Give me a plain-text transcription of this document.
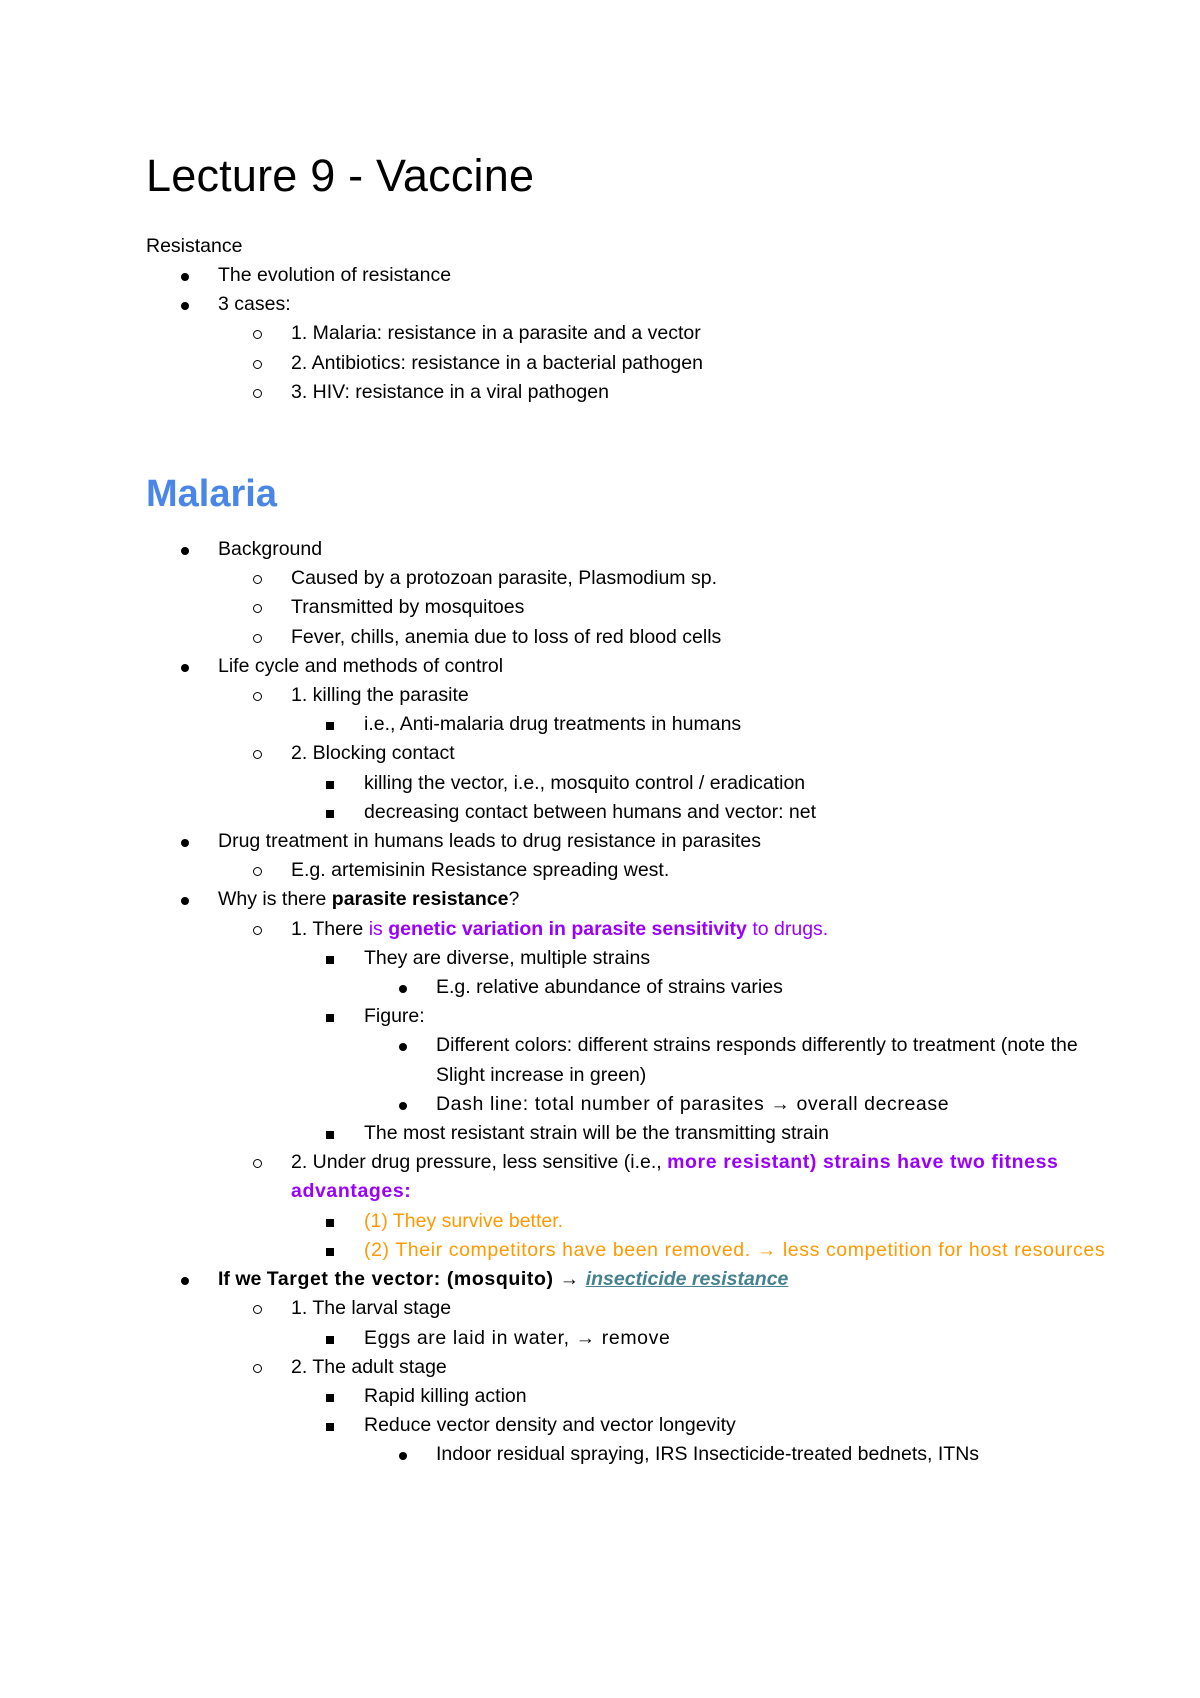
Lecture 9 - Vaccine
Resistance
The evolution of resistance
3 cases:
1. Malaria: resistance in a parasite and a vector
2. Antibiotics: resistance in a bacterial pathogen
3. HIV: resistance in a viral pathogen
Malaria
Background
Caused by a protozoan parasite, Plasmodium sp.
Transmitted by mosquitoes
Fever, chills, anemia due to loss of red blood cells
Life cycle and methods of control
1. killing the parasite
i.e., Anti-malaria drug treatments in humans
2. Blocking contact
killing the vector, i.e., mosquito control / eradication
decreasing contact between humans and vector: net
Drug treatment in humans leads to drug resistance in parasites
E.g. artemisinin Resistance spreading west.
Why is there parasite resistance?
1. There is genetic variation in parasite sensitivity to drugs.
They are diverse, multiple strains
E.g. relative abundance of strains varies
Figure:
Different colors: different strains responds differently to treatment (note the Slight increase in green)
Dash line: total number of parasites → overall decrease
The most resistant strain will be the transmitting strain
2. Under drug pressure, less sensitive (i.e., more resistant) strains have two fitness advantages:
(1) They survive better.
(2) Their competitors have been removed. → less competition for host resources
If we Target the vector: (mosquito) → insecticide resistance
1. The larval stage
Eggs are laid in water, → remove
2. The adult stage
Rapid killing action
Reduce vector density and vector longevity
Indoor residual spraying, IRS Insecticide-treated bednets, ITNs
